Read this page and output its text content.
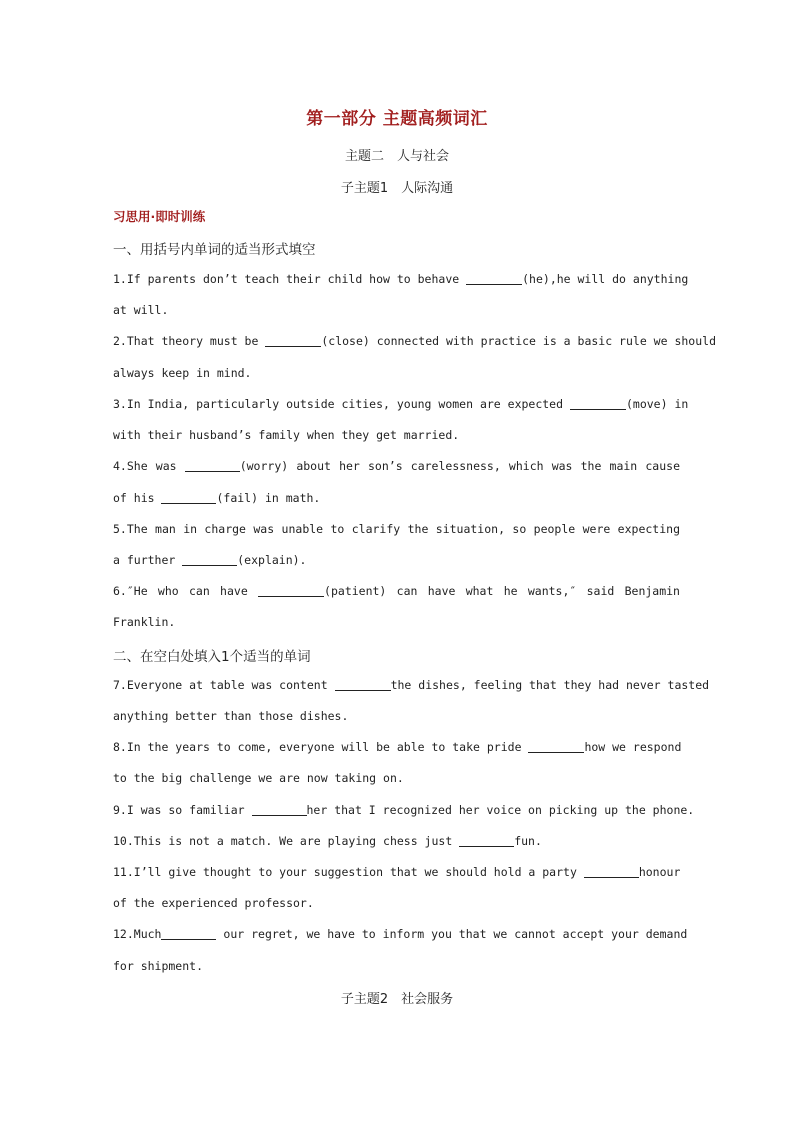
第一部分 主题高频词汇
主题二　人与社会
子主题1　人际沟通
习思用·即时训练
一、用括号内单词的适当形式填空
1.If parents don’t teach their child how to behave	(he),he will do anything
at will.
2.That theory must be	(close) connected with practice is a basic rule we should
always keep in mind.
3.In India, particularly outside cities, young women are expected	(move) in
with their husband’s family when they get married.
4.She was	(worry) about her son’s carelessness, which was the main cause
of his	(fail) in math.
5.The man in charge was unable to clarify the situation, so people were expecting
a further	(explain).
6.″He who can have	(patient) can have what he wants,″ said Benjamin
Franklin.
二、在空白处填入1个适当的单词
7.Everyone at table was content	the dishes, feeling that they had never tasted
anything better than those dishes.
8.In the years to come, everyone will be able to take pride	how we respond
to the big challenge we are now taking on.
9.I was so familiar	her that I recognized her voice on picking up the phone.
10.This is not a match. We are playing chess just	fun.
11.I’ll give thought to your suggestion that we should hold a party	honour
of the experienced professor.
12.Much	our regret, we have to inform you that we cannot accept your demand
for shipment.
子主题2　社会服务
